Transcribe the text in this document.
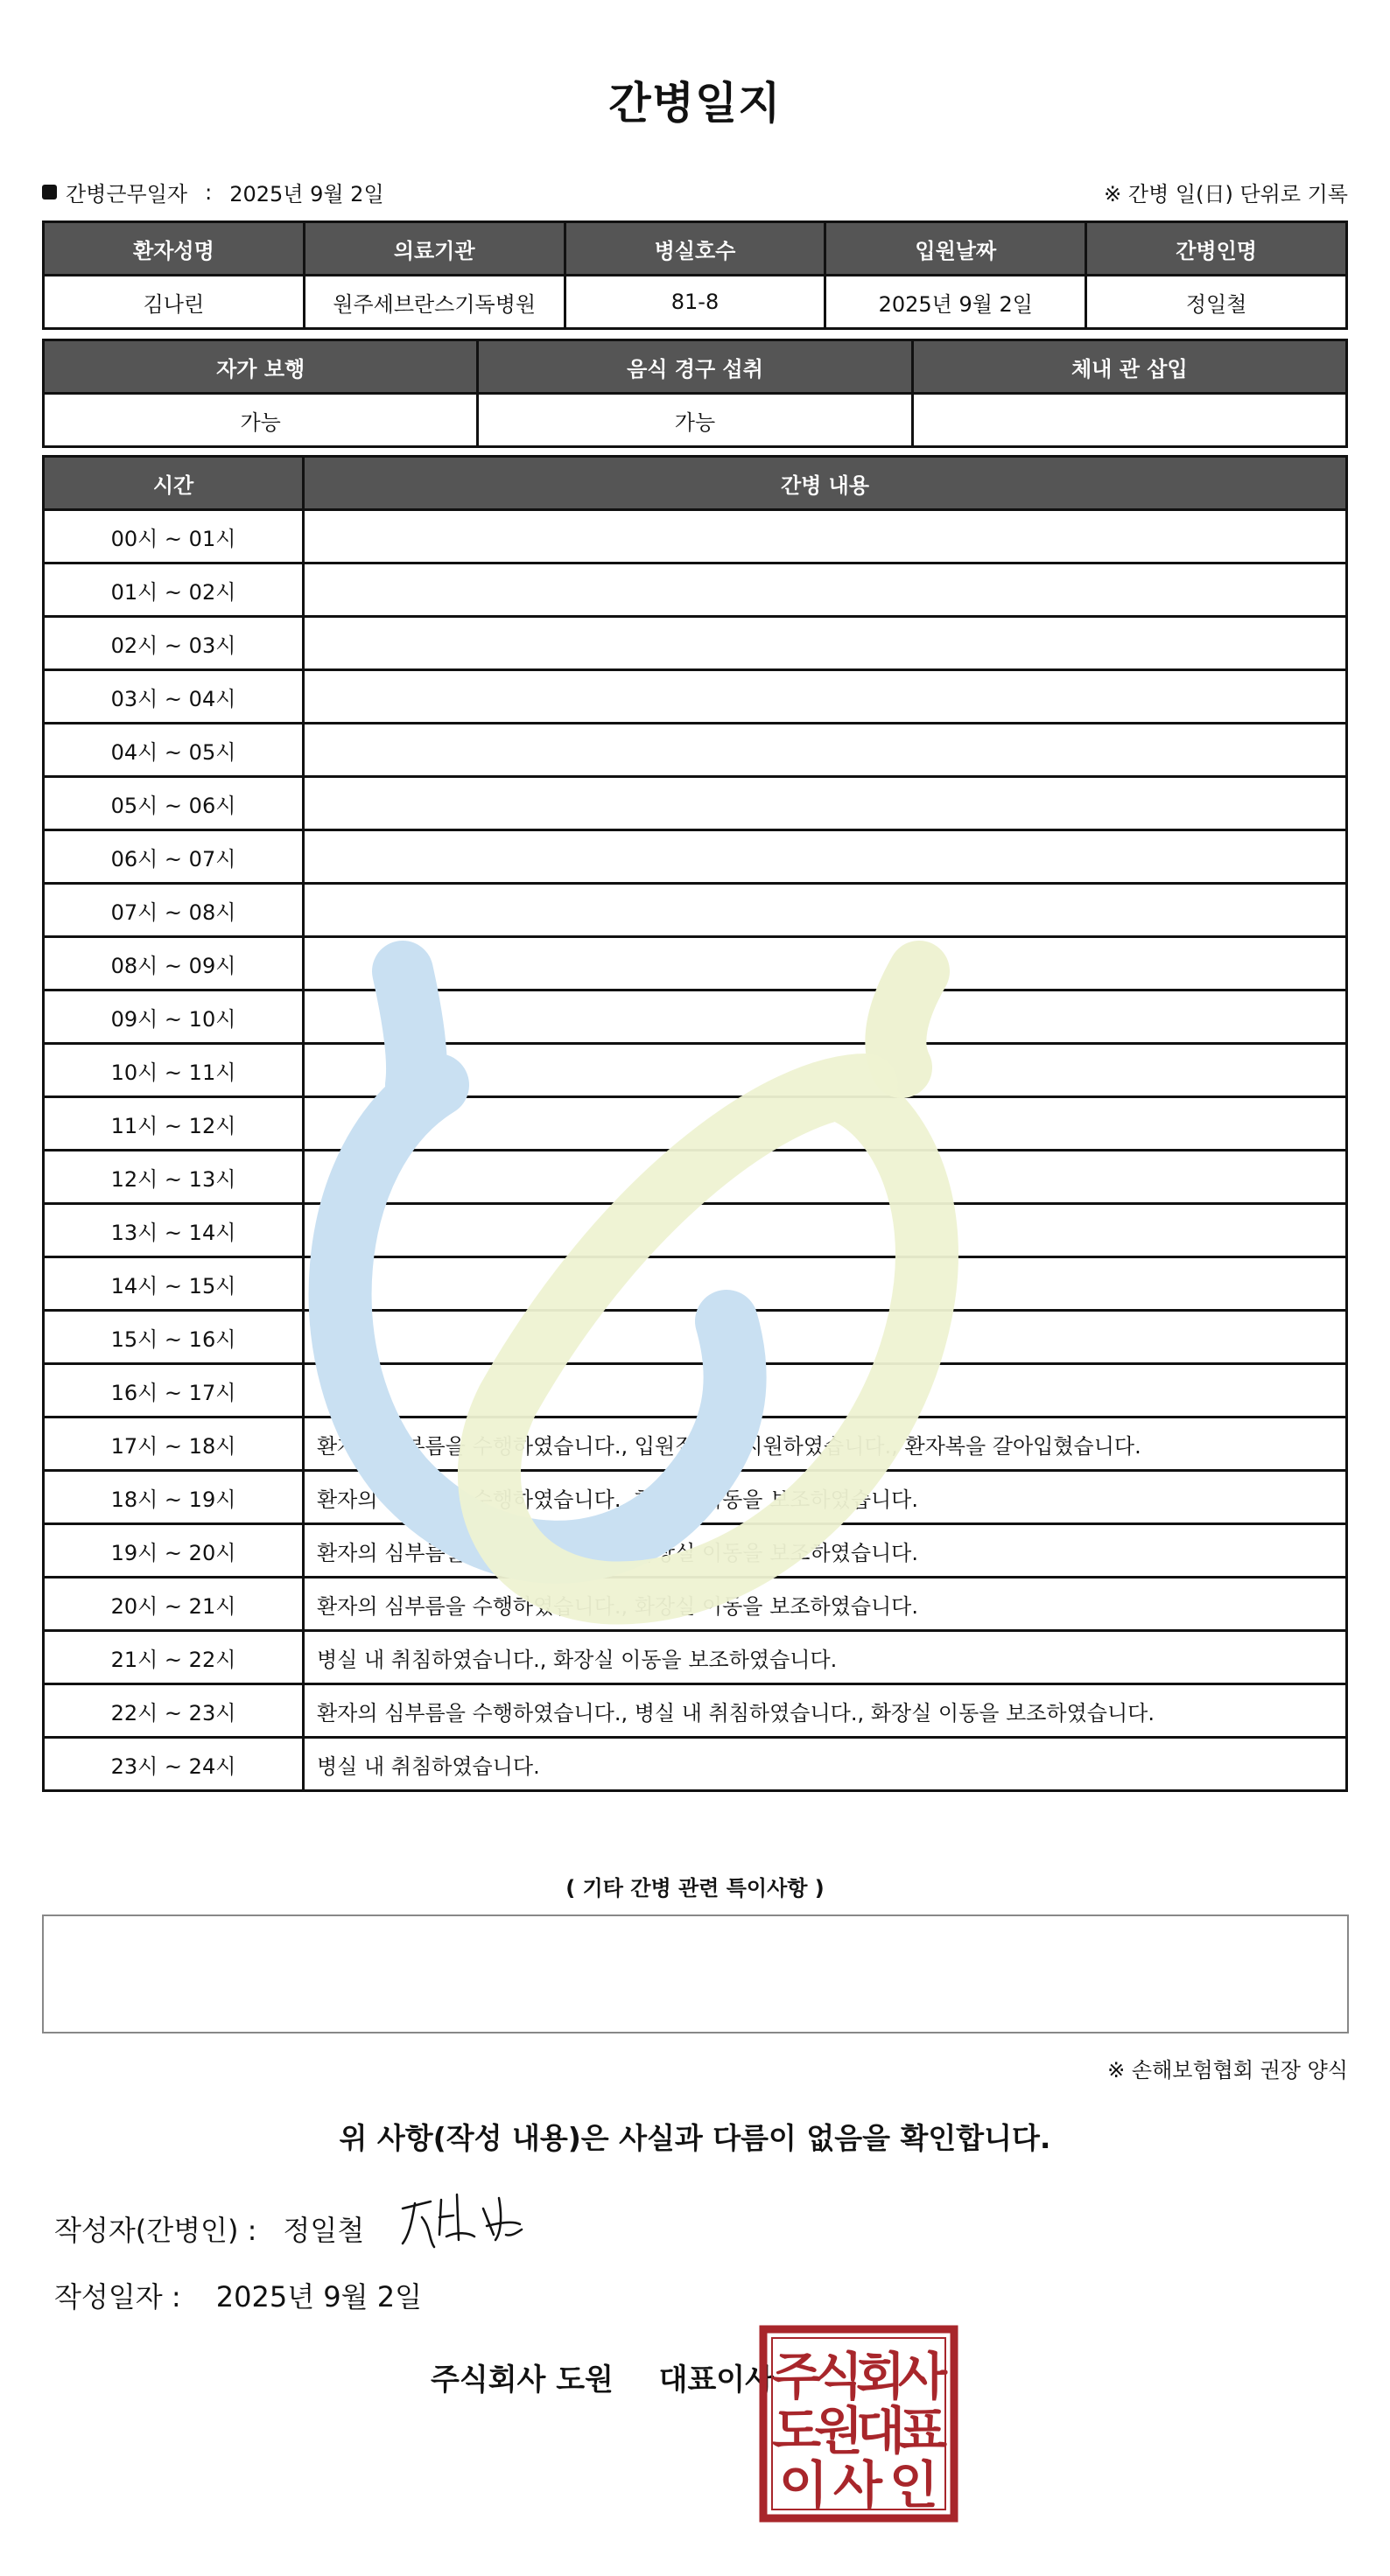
간병일지
간병근무일자 : 2025년 9월 2일	※ 간병 일(日) 단위로 기록
환자성명	의료기관	병실호수	입원날짜	간병인명
김나린	원주세브란스기독병원	81-8	2025년 9월 2일	정일철
자가 보행	음식 경구 섭취	체내 관 삽입
가능	가능	
시간	간병 내용
00시 ~ 01시	
01시 ~ 02시	
02시 ~ 03시	
03시 ~ 04시	
04시 ~ 05시	
05시 ~ 06시	
06시 ~ 07시	
07시 ~ 08시	
08시 ~ 09시	
09시 ~ 10시	
10시 ~ 11시	
11시 ~ 12시	
12시 ~ 13시	
13시 ~ 14시	
14시 ~ 15시	
15시 ~ 16시	
16시 ~ 17시	
17시 ~ 18시	환자의 심부름을 수행하였습니다., 입원절차를 지원하였습니다., 환자복을 갈아입혔습니다.
18시 ~ 19시	환자의 심부름을 수행하였습니다., 화장실 이동을 보조하였습니다.
19시 ~ 20시	환자의 심부름을 수행하였습니다., 화장실 이동을 보조하였습니다.
20시 ~ 21시	환자의 심부름을 수행하였습니다., 화장실 이동을 보조하였습니다.
21시 ~ 22시	병실 내 취침하였습니다., 화장실 이동을 보조하였습니다.
22시 ~ 23시	환자의 심부름을 수행하였습니다., 병실 내 취침하였습니다., 화장실 이동을 보조하였습니다.
23시 ~ 24시	병실 내 취침하였습니다.
( 기타 간병 관련 특이사항 )
※ 손해보험협회 권장 양식
위 사항(작성 내용)은 사실과 다름이 없음을 확인합니다.
작성자(간병인) : 정일철
작성일자 : 2025년 9월 2일
주식회사 도원 대표이사
주
식
회
사
도
원
대
표
이 사 인
